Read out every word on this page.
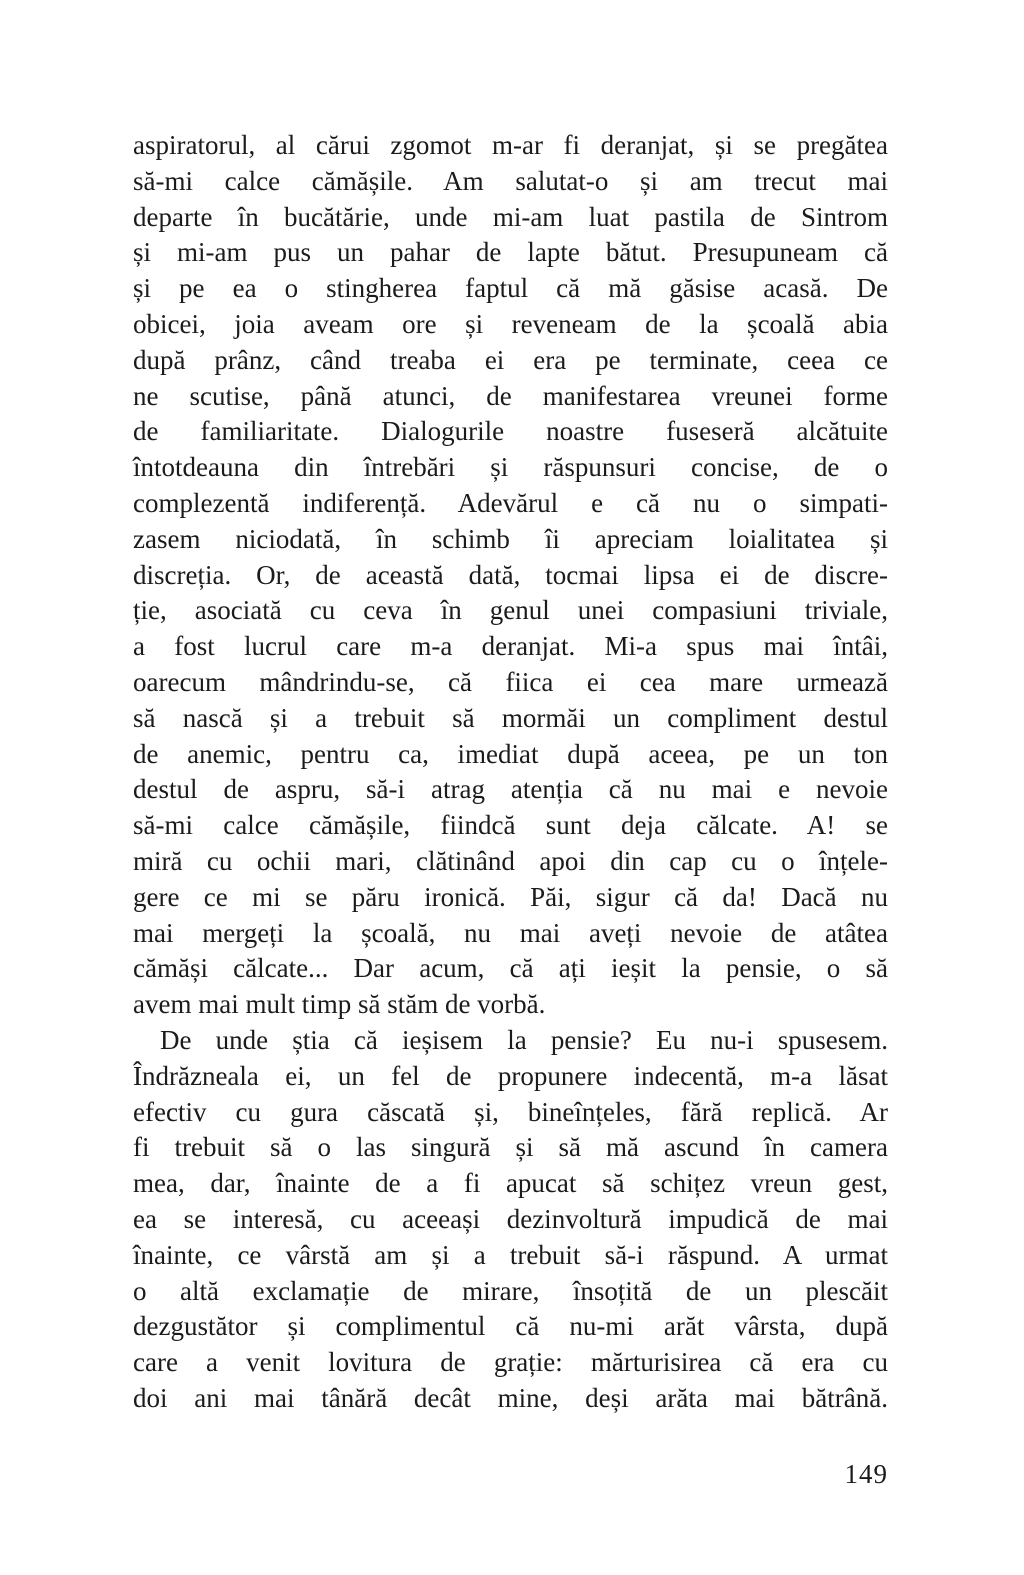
aspiratorul, al cărui zgomot m-ar fi deranjat, și se pregătea
să-mi calce cămășile. Am salutat-o și am trecut mai
departe în bucătărie, unde mi-am luat pastila de Sintrom
și mi-am pus un pahar de lapte bătut. Presupuneam că
și pe ea o stingherea faptul că mă găsise acasă. De
obicei, joia aveam ore și reveneam de la școală abia
după prânz, când treaba ei era pe terminate, ceea ce
ne scutise, până atunci, de manifestarea vreunei forme
de familiaritate. Dialogurile noastre fuseseră alcătuite
întotdeauna din întrebări și răspunsuri concise, de o
complezentă indiferență. Adevărul e că nu o simpati-
zasem niciodată, în schimb îi apreciam loialitatea și
discreția. Or, de această dată, tocmai lipsa ei de discre-
ție, asociată cu ceva în genul unei compasiuni triviale,
a fost lucrul care m-a deranjat. Mi-a spus mai întâi,
oarecum mândrindu-se, că fiica ei cea mare urmează
să nască și a trebuit să mormăi un compliment destul
de anemic, pentru ca, imediat după aceea, pe un ton
destul de aspru, să-i atrag atenția că nu mai e nevoie
să-mi calce cămășile, fiindcă sunt deja călcate. A! se
miră cu ochii mari, clătinând apoi din cap cu o înțele-
gere ce mi se păru ironică. Păi, sigur că da! Dacă nu
mai mergeți la școală, nu mai aveți nevoie de atâtea
cămăși călcate... Dar acum, că ați ieșit la pensie, o să
avem mai mult timp să stăm de vorbă.
De unde știa că ieșisem la pensie? Eu nu-i spusesem.
Îndrăzneala ei, un fel de propunere indecentă, m-a lăsat
efectiv cu gura căscată și, bineînțeles, fără replică. Ar
fi trebuit să o las singură și să mă ascund în camera
mea, dar, înainte de a fi apucat să schițez vreun gest,
ea se interesă, cu aceeași dezinvoltură impudică de mai
înainte, ce vârstă am și a trebuit să-i răspund. A urmat
o altă exclamație de mirare, însoțită de un plescăit
dezgustător și complimentul că nu-mi arăt vârsta, după
care a venit lovitura de grație: mărturisirea că era cu
doi ani mai tânără decât mine, deși arăta mai bătrână.
149
